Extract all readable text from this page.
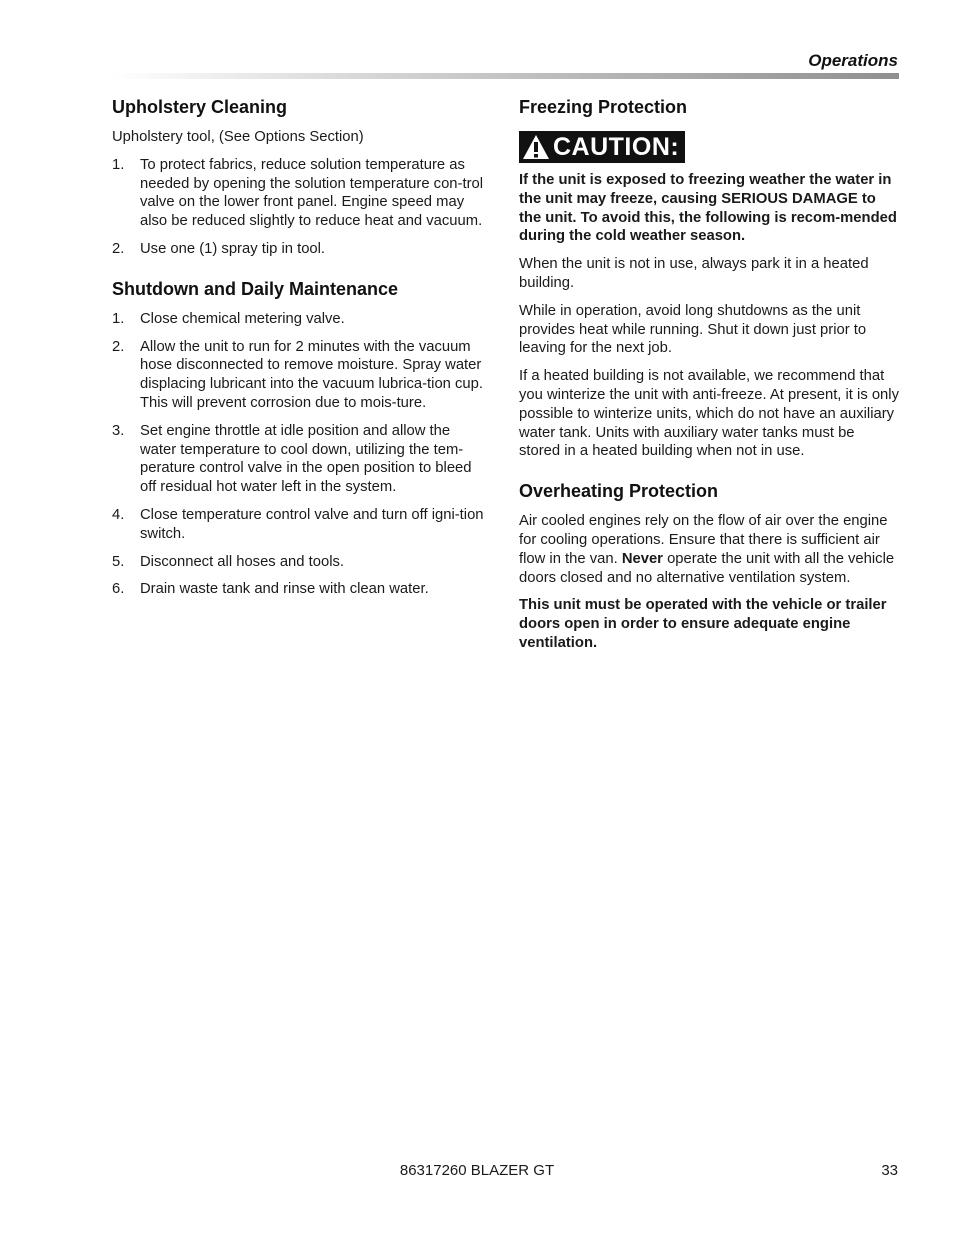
Operations
Upholstery Cleaning

Upholstery tool, (See Options Section)

1. To protect fabrics, reduce solution temperature as needed by opening the solution temperature con-trol valve on the lower front panel. Engine speed may also be reduced slightly to reduce heat and vacuum.
2. Use one (1) spray tip in tool.
Shutdown and Daily Maintenance
1. Close chemical metering valve.
2. Allow the unit to run for 2 minutes with the vacuum hose disconnected to remove moisture. Spray water displacing lubricant into the vacuum lubrica-tion cup. This will prevent corrosion due to mois-ture.
3. Set engine throttle at idle position and allow the water temperature to cool down, utilizing the tem-perature control valve in the open position to bleed off residual hot water left in the system.
4. Close temperature control valve and turn off igni-tion switch.
5. Disconnect all hoses and tools.
6. Drain waste tank and rinse with clean water.
Freezing Protection
CAUTION:

If the unit is exposed to freezing weather the water in the unit may freeze, causing SERIOUS DAMAGE to the unit. To avoid this, the following is recom-mended during the cold weather season.

When the unit is not in use, always park it in a heated building.

While in operation, avoid long shutdowns as the unit provides heat while running. Shut it down just prior to leaving for the next job.

If a heated building is not available, we recommend that you winterize the unit with anti-freeze. At present, it is only possible to winterize units, which do not have an auxiliary water tank. Units with auxiliary water tanks must be stored in a heated building when not in use.

Overheating Protection

Air cooled engines rely on the flow of air over the engine for cooling operations. Ensure that there is sufficient air flow in the van. Never operate the unit with all the vehicle doors closed and no alternative ventilation system.

This unit must be operated with the vehicle or trailer doors open in order to ensure adequate engine ventilation.

86317260 BLAZER GT	33
